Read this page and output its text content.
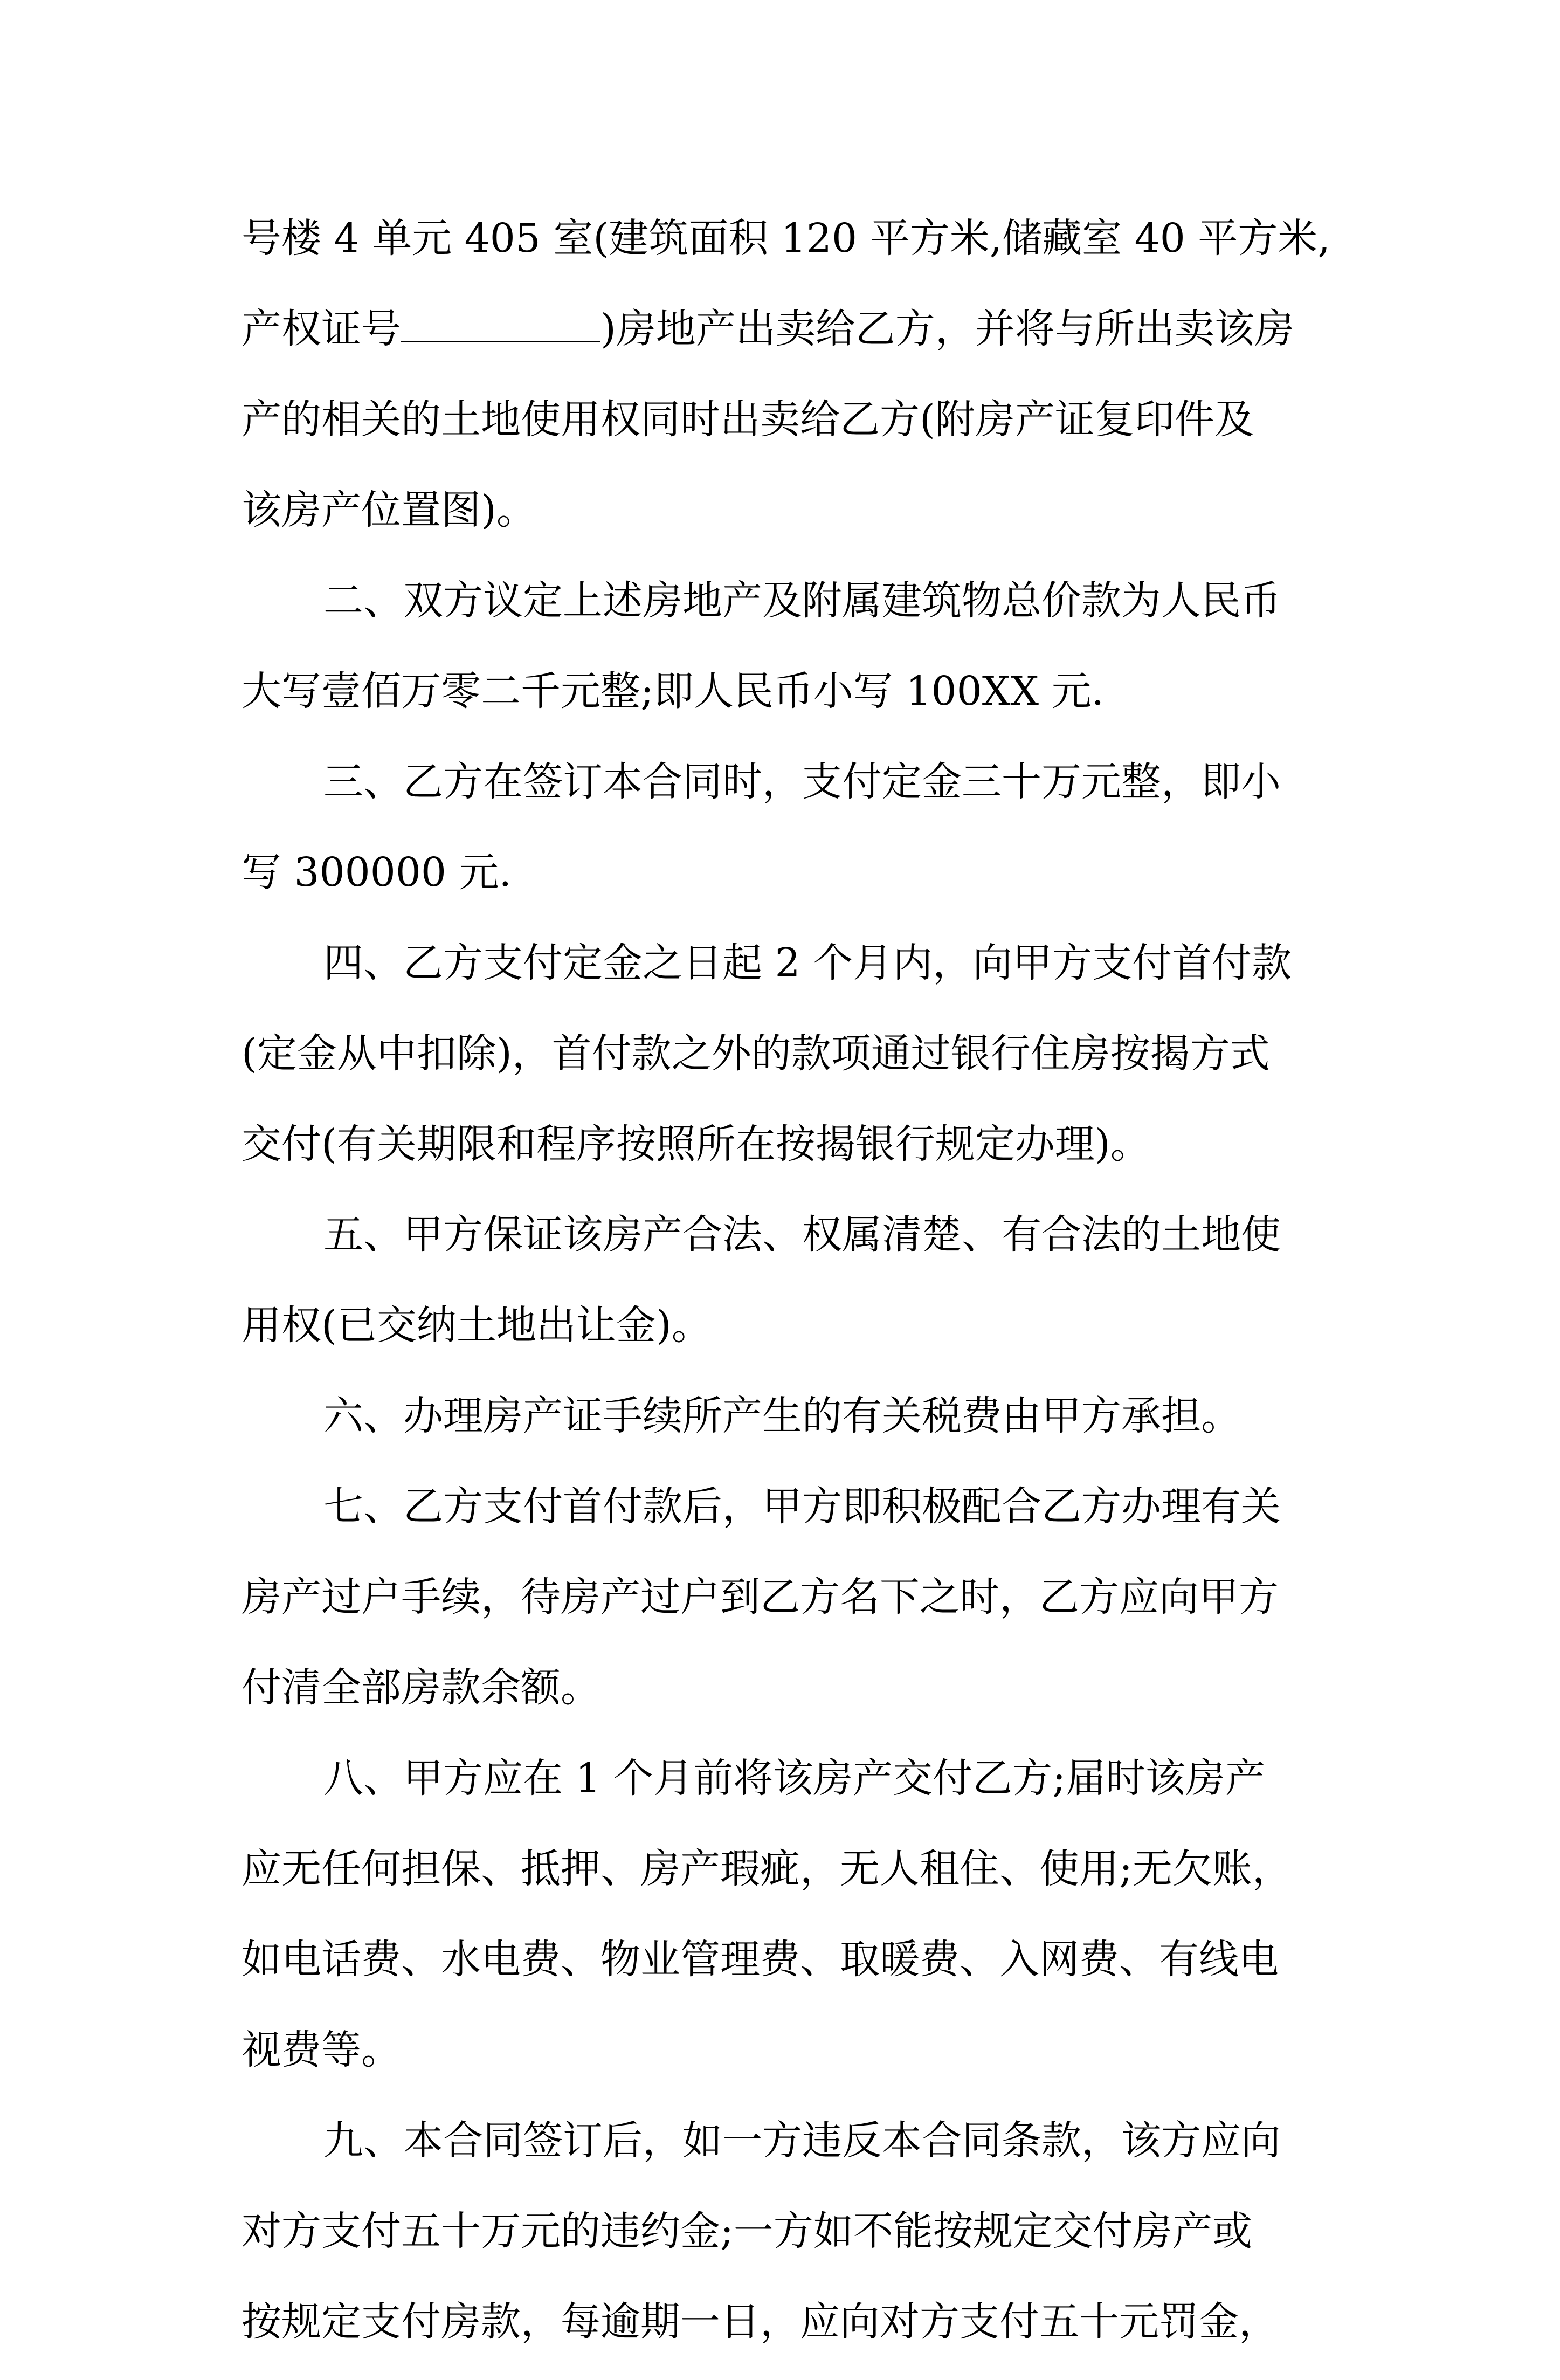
号楼 4 单元 405 室(建筑面积 120 平方米,储藏室 40 平方米,
产权证号	)房地产出卖给乙方，并将与所出卖该房
产的相关的土地使用权同时出卖给乙方(附房产证复印件及
该房产位置图)。
二、双方议定上述房地产及附属建筑物总价款为人民币
大写壹佰万零二千元整;即人民币小写 100XX 元.
三、乙方在签订本合同时，支付定金三十万元整，即小
写 300000 元.
四、乙方支付定金之日起 2 个月内，向甲方支付首付款
(定金从中扣除)，首付款之外的款项通过银行住房按揭方式
交付(有关期限和程序按照所在按揭银行规定办理)。
五、甲方保证该房产合法、权属清楚、有合法的土地使
用权(已交纳土地出让金)。
六、办理房产证手续所产生的有关税费由甲方承担。
七、乙方支付首付款后，甲方即积极配合乙方办理有关
房产过户手续，待房产过户到乙方名下之时，乙方应向甲方
付清全部房款余额。
八、甲方应在 1 个月前将该房产交付乙方;届时该房产
应无任何担保、抵押、房产瑕疵，无人租住、使用;无欠账，
如电话费、水电费、物业管理费、取暖费、入网费、有线电
视费等。
九、本合同签订后，如一方违反本合同条款，该方应向
对方支付五十万元的违约金;一方如不能按规定交付房产或
按规定支付房款，每逾期一日，应向对方支付五十元罚金，
